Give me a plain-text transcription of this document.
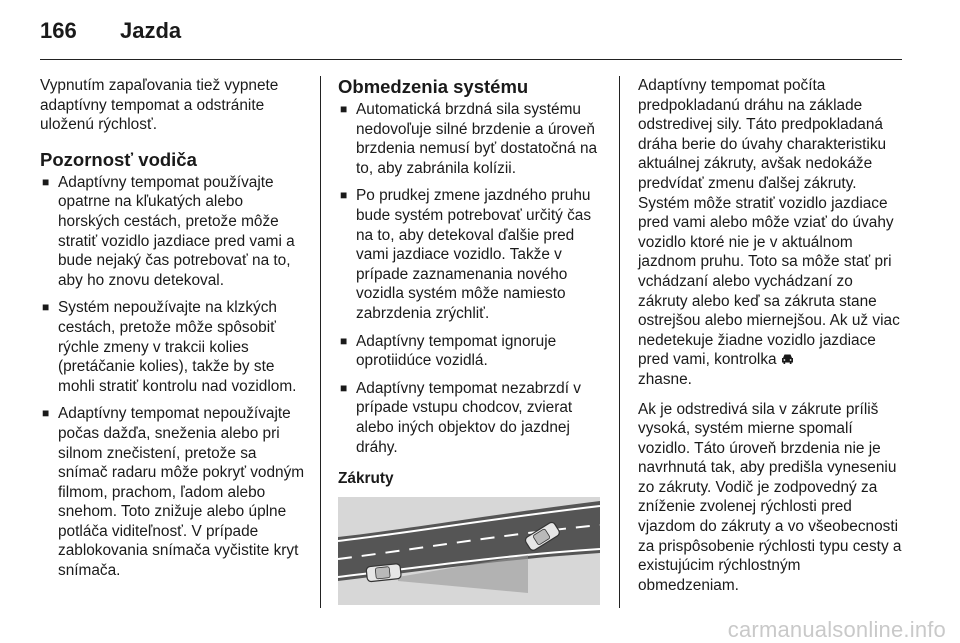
166	Jazda

Vypnutím zapaľovania tiež vypnete adaptívny tempomat a odstránite uloženú rýchlosť.

Pozornosť vodiča
■ Adaptívny tempomat používajte opatrne na kľukatých alebo horských cestách, pretože môže stratiť vozidlo jazdiace pred vami a bude nejaký čas potrebovať na to, aby ho znovu detekoval.
■ Systém nepoužívajte na klzkých cestách, pretože môže spôsobiť rýchle zmeny v trakcii kolies (pretáčanie kolies), takže by ste mohli stratiť kontrolu nad vozidlom.
■ Adaptívny tempomat nepoužívajte počas dažďa, sneženia alebo pri silnom znečistení, pretože sa snímač radaru môže pokryť vodným filmom, prachom, ľadom alebo snehom. Toto znižuje alebo úplne potláča viditeľnosť. V prípade zablokovania snímača vyčistite kryt snímača.
Obmedzenia systému
■ Automatická brzdná sila systému nedovoľuje silné brzdenie a úroveň brzdenia nemusí byť dostatočná na to, aby zabránila kolízii.
■ Po prudkej zmene jazdného pruhu bude systém potrebovať určitý čas na to, aby detekoval ďalšie pred vami jazdiace vozidlo. Takže v prípade zaznamenania nového vozidla systém môže namiesto zabrzdenia zrýchliť.
■ Adaptívny tempomat ignoruje oprotiidúce vozidlá.
■ Adaptívny tempomat nezabrzdí v prípade vstupu chodcov, zvierat alebo iných objektov do jazdnej dráhy.
Zákruty

Adaptívny tempomat počíta predpokladanú dráhu na základe odstredivej sily. Táto predpokladaná dráha berie do úvahy charakteristiku aktuálnej zákruty, avšak nedokáže predvídať zmenu ďalšej zákruty. Systém môže stratiť vozidlo jazdiace pred vami alebo môže vziať do úvahy vozidlo ktoré nie je v aktuálnom jazdnom pruhu. Toto sa môže stať pri vchádzaní alebo vychádzaní zo zákruty alebo keď sa zákruta stane ostrejšou alebo miernejšou. Ak už viac nedetekuje žiadne vozidlo jazdiace pred vami, kontrolka
zhasne.

Ak je odstredivá sila v zákrute príliš vysoká, systém mierne spomalí vozidlo. Táto úroveň brzdenia nie je navrhnutá tak, aby predišla vyneseniu zo zákruty. Vodič je zodpovedný za zníženie zvolenej rýchlosti pred vjazdom do zákruty a vo všeobecnosti za prispôsobenie rýchlosti typu cesty a existujúcim rýchlostným obmedzeniam.

carmanualsonline.info
